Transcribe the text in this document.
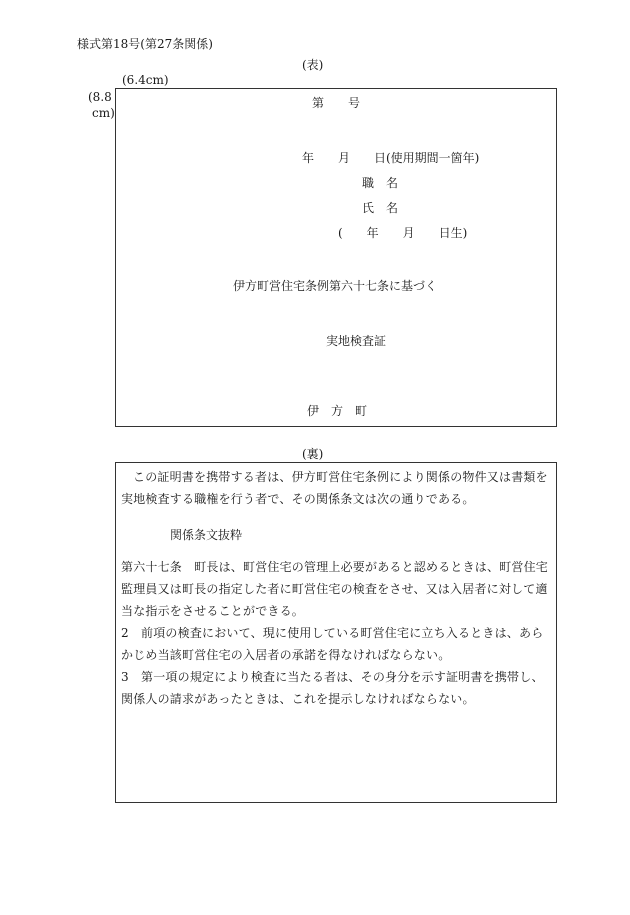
様式第18号(第27条関係)
(表)
(6.4cm)
(8.8
cm)
第　　号
年　　月　　日(使用期間一箇年)
職　名
氏　名
(　　年　　月　　日生)
伊方町営住宅条例第六十七条に基づく
実地検査証
伊　方　町
(裏)
この証明書を携帯する者は、伊方町営住宅条例により関係の物件又は書類を実地検査する職権を行う者で、その関係条文は次の通りである。
関係条文抜粋
第六十七条　町長は、町営住宅の管理上必要があると認めるときは、町営住宅監理員又は町長の指定した者に町営住宅の検査をさせ、又は入居者に対して適当な指示をさせることができる。
2　前項の検査において、現に使用している町営住宅に立ち入るときは、あらかじめ当該町営住宅の入居者の承諾を得なければならない。
3　第一項の規定により検査に当たる者は、その身分を示す証明書を携帯し、関係人の請求があったときは、これを提示しなければならない。
